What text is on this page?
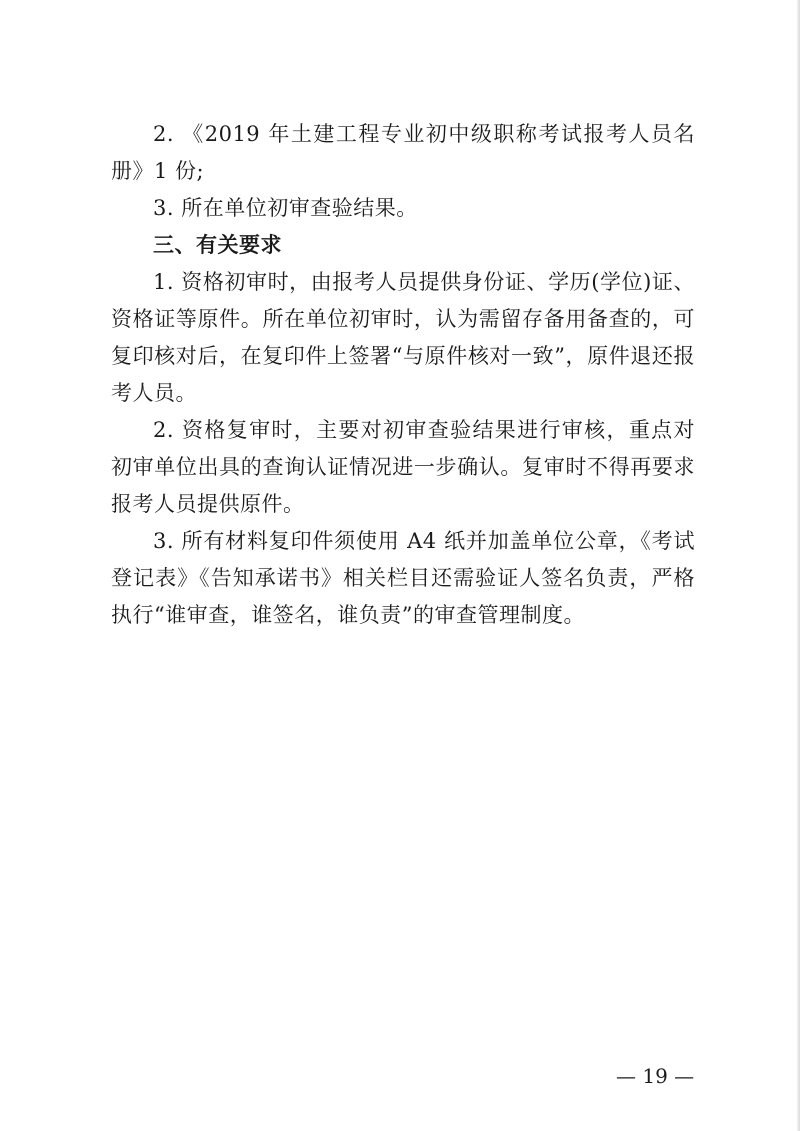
2. 《2019 年土建工程专业初中级职称考试报考人员名册》1 份;

3. 所在单位初审查验结果。

三、有关要求

1. 资格初审时，由报考人员提供身份证、学历(学位)证、资格证等原件。所在单位初审时，认为需留存备用备查的，可复印核对后，在复印件上签署“与原件核对一致”，原件退还报考人员。

2. 资格复审时，主要对初审查验结果进行审核，重点对初审单位出具的查询认证情况进一步确认。复审时不得再要求报考人员提供原件。

3. 所有材料复印件须使用 A4 纸并加盖单位公章，《考试登记表》《告知承诺书》相关栏目还需验证人签名负责，严格执行“谁审查，谁签名，谁负责”的审查管理制度。

— 19 —
